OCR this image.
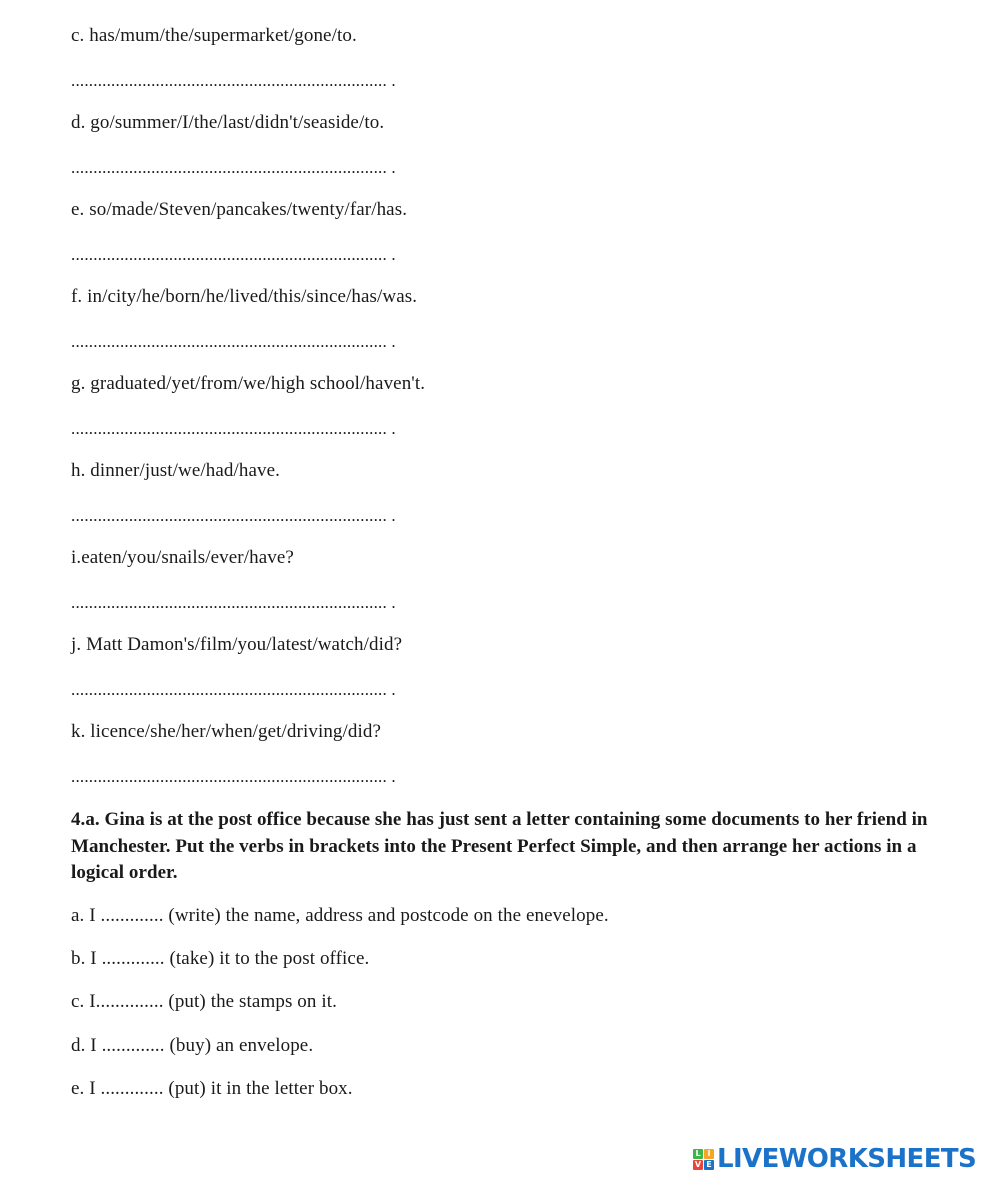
c. has/mum/the/supermarket/gone/to.
....................................................................... .
d. go/summer/I/the/last/didn't/seaside/to.
....................................................................... .
e. so/made/Steven/pancakes/twenty/far/has.
....................................................................... .
f. in/city/he/born/he/lived/this/since/has/was.
....................................................................... .
g. graduated/yet/from/we/high school/haven't.
....................................................................... .
h. dinner/just/we/had/have.
....................................................................... .
i.eaten/you/snails/ever/have?
....................................................................... .
j. Matt Damon's/film/you/latest/watch/did?
....................................................................... .
k. licence/she/her/when/get/driving/did?
....................................................................... .
4.a. Gina is at the post office because she has just sent a letter containing some documents to her friend in Manchester. Put the verbs in brackets into the Present Perfect Simple, and then arrange her actions in a logical order.
a. I ............. (write) the name, address and postcode on the enevelope.
b. I ............. (take) it to the post office.
c. I.............. (put) the stamps on it.
d. I ............. (buy) an envelope.
e. I ............. (put) it in the letter box.
L I
V E LIVEWORKSHEETS
